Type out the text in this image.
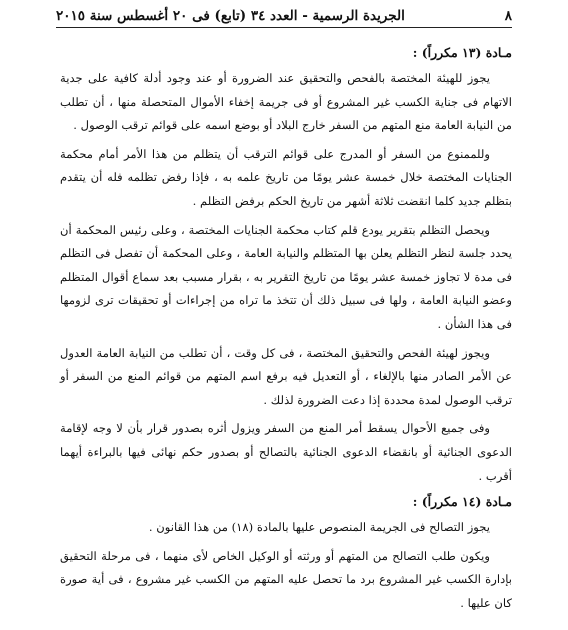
٨
الجريدة الرسمية - العدد ٣٤ (تابع) فى ٢٠ أغسطس سنة ٢٠١٥
مـادة (١٣ مكرراً) :

يجوز للهيئة المختصة بالفحص والتحقيق عند الضرورة أو عند وجود أدلة كافية على جدية الاتهام فى جناية الكسب غير المشروع أو فى جريمة إخفاء الأموال المتحصلة منها ، أن تطلب من النيابة العامة منع المتهم من السفر خارج البلاد أو بوضع اسمه على قوائم ترقب الوصول .

وللممنوع من السفر أو المدرج على قوائم الترقب أن يتظلم من هذا الأمر أمام محكمة الجنايات المختصة خلال خمسة عشر يومًا من تاريخ علمه به ، فإذا رفض تظلمه فله أن يتقدم بتظلم جديد كلما انقضت ثلاثة أشهر من تاريخ الحكم برفض التظلم .

ويحصل التظلم بتقرير يودع قلم كتاب محكمة الجنايات المختصة ، وعلى رئيس المحكمة أن يحدد جلسة لنظر التظلم يعلن بها المتظلم والنيابة العامة ، وعلى المحكمة أن تفصل فى التظلم فى مدة لا تجاوز خمسة عشر يومًا من تاريخ التقرير به ، بقرار مسبب بعد سماع أقوال المتظلم وعضو النيابة العامة ، ولها فى سبيل ذلك أن تتخذ ما تراه من إجراءات أو تحقيقات ترى لزومها فى هذا الشأن .

ويجوز لهيئة الفحص والتحقيق المختصة ، فى كل وقت ، أن تطلب من النيابة العامة العدول عن الأمر الصادر منها بالإلغاء ، أو التعديل فيه برفع اسم المتهم من قوائم المنع من السفر أو ترقب الوصول لمدة محددة إذا دعت الضرورة لذلك .

وفى جميع الأحوال يسقط أمر المنع من السفر ويزول أثره بصدور قرار بأن لا وجه لإقامة الدعوى الجنائية أو بانقضاء الدعوى الجنائية بالتصالح أو بصدور حكم نهائى فيها بالبراءة أيهما أقرب .

مـادة (١٤ مكرراً) :

يجوز التصالح فى الجريمة المنصوص عليها بالمادة (١٨) من هذا القانون .

ويكون طلب التصالح من المتهم أو ورثته أو الوكيل الخاص لأى منهما ، فى مرحلة التحقيق بإدارة الكسب غير المشروع برد ما تحصل عليه المتهم من الكسب غير مشروع ، فى أية صورة كان عليها .
